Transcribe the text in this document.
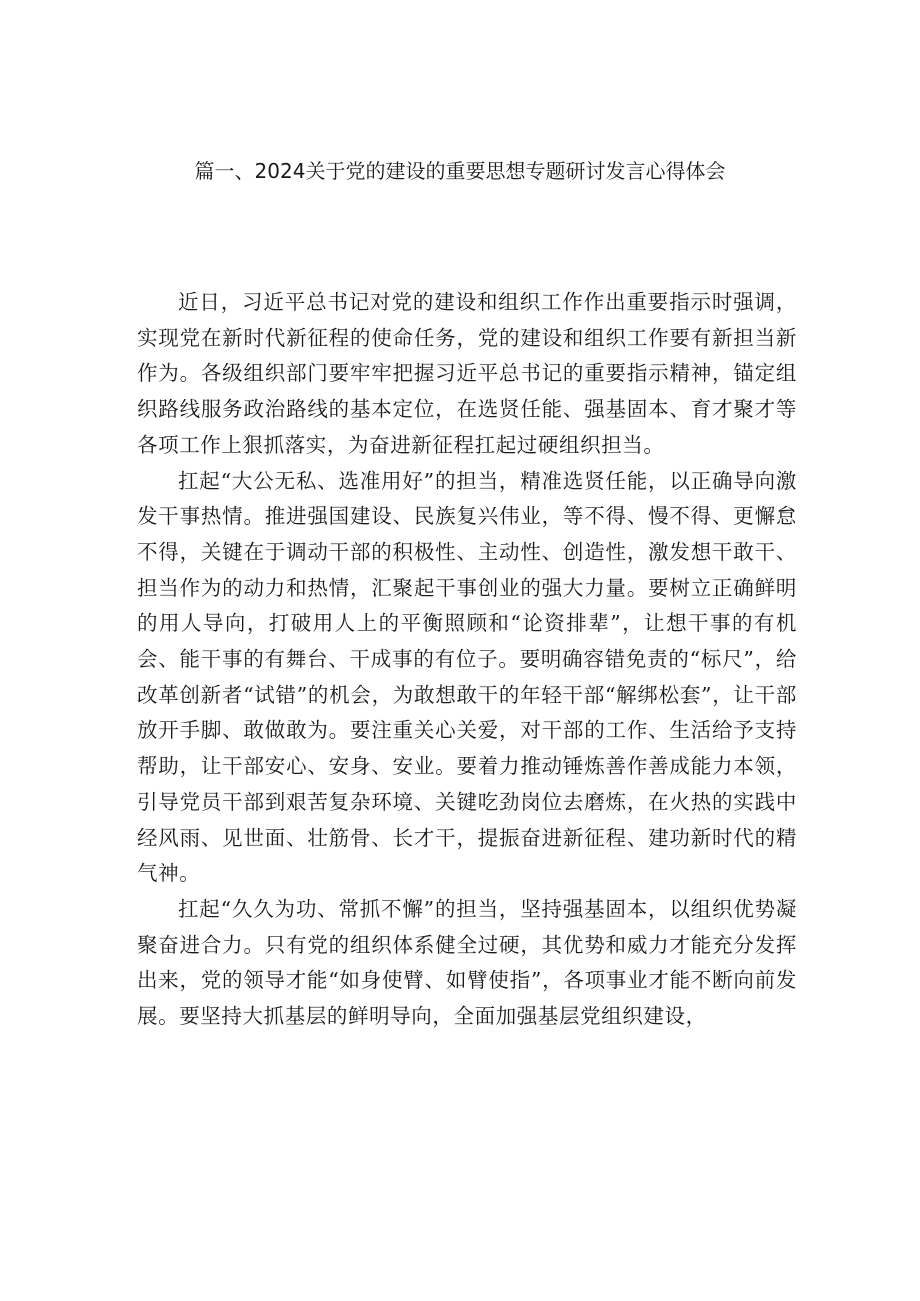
篇一、2024关于党的建设的重要思想专题研讨发言心得体会

近日，习近平总书记对党的建设和组织工作作出重要指示时强调，实现党在新时代新征程的使命任务，党的建设和组织工作要有新担当新作为。各级组织部门要牢牢把握习近平总书记的重要指示精神，锚定组织路线服务政治路线的基本定位，在选贤任能、强基固本、育才聚才等各项工作上狠抓落实，为奋进新征程扛起过硬组织担当。

扛起“大公无私、选准用好”的担当，精准选贤任能，以正确导向激发干事热情。推进强国建设、民族复兴伟业，等不得、慢不得、更懈怠不得，关键在于调动干部的积极性、主动性、创造性，激发想干敢干、担当作为的动力和热情，汇聚起干事创业的强大力量。要树立正确鲜明的用人导向，打破用人上的平衡照顾和“论资排辈”，让想干事的有机会、能干事的有舞台、干成事的有位子。要明确容错免责的“标尺”，给改革创新者“试错”的机会，为敢想敢干的年轻干部“解绑松套”，让干部放开手脚、敢做敢为。要注重关心关爱，对干部的工作、生活给予支持帮助，让干部安心、安身、安业。要着力推动锤炼善作善成能力本领，引导党员干部到艰苦复杂环境、关键吃劲岗位去磨炼，在火热的实践中经风雨、见世面、壮筋骨、长才干，提振奋进新征程、建功新时代的精气神。

扛起“久久为功、常抓不懈”的担当，坚持强基固本，以组织优势凝聚奋进合力。只有党的组织体系健全过硬，其优势和威力才能充分发挥出来，党的领导才能“如身使臂、如臂使指”，各项事业才能不断向前发展。要坚持大抓基层的鲜明导向，全面加强基层党组织建设，
